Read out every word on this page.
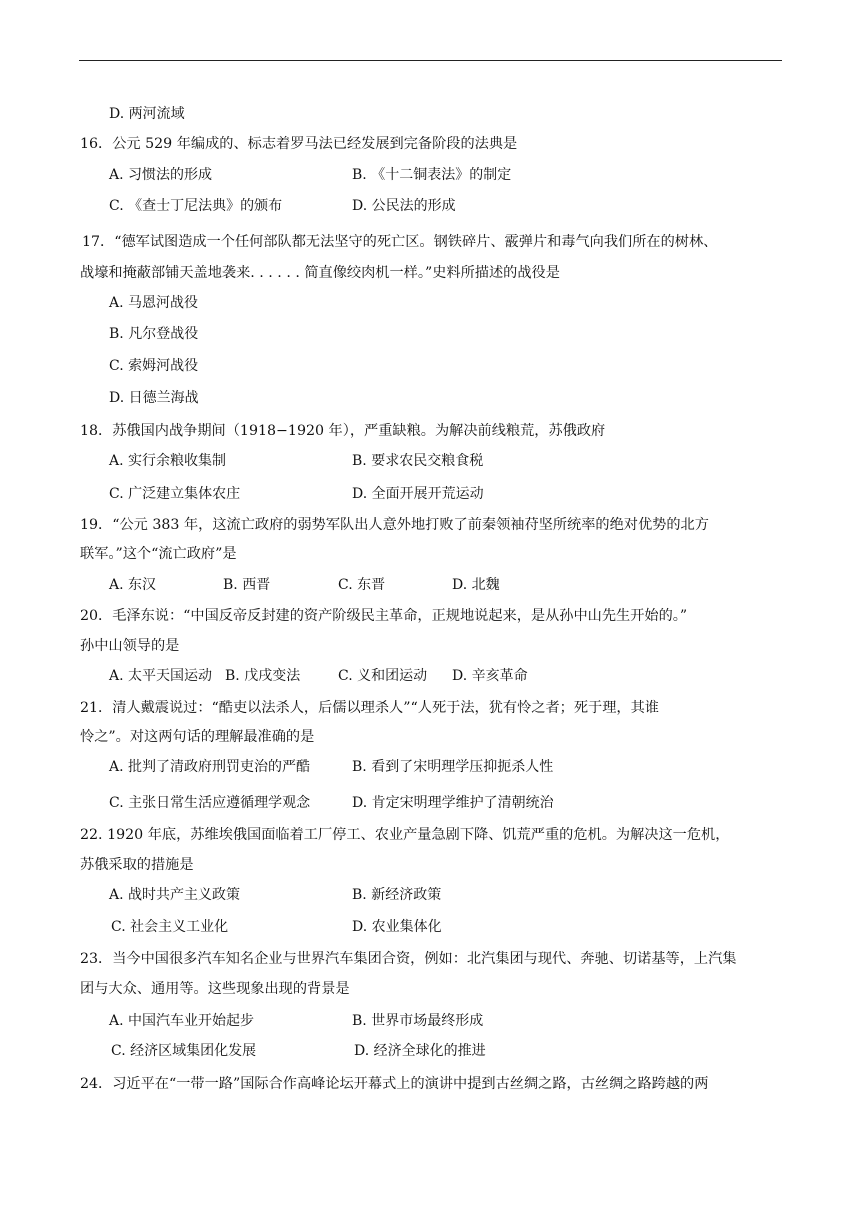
D. 两河流域
16．公元 529 年编成的、标志着罗马法已经发展到完备阶段的法典是
A. 习惯法的形成	B. 《十二铜表法》的制定
C. 《查士丁尼法典》的颁布	D. 公民法的形成
17．“德军试图造成一个任何部队都无法坚守的死亡区。钢铁碎片、霰弹片和毒气向我们所在的树林、
战壕和掩蔽部铺天盖地袭来. . . . . . 简直像绞肉机一样。”史料所描述的战役是
A. 马恩河战役
B. 凡尔登战役
C. 索姆河战役
D. 日德兰海战
18．苏俄国内战争期间（1918−1920 年），严重缺粮。为解决前线粮荒，苏俄政府
A. 实行余粮收集制	B. 要求农民交粮食税
C. 广泛建立集体农庄	D. 全面开展开荒运动
19．“公元 383 年，这流亡政府的弱势军队出人意外地打败了前秦领袖苻坚所统率的绝对优势的北方
联军。”这个“流亡政府”是
A. 东汉	B. 西晋	C. 东晋	D. 北魏
20．毛泽东说：“中国反帝反封建的资产阶级民主革命，正规地说起来，是从孙中山先生开始的。”
孙中山领导的是
A. 太平天国运动 B. 戊戌变法	C. 义和团运动 D. 辛亥革命
21．清人戴震说过：“酷吏以法杀人，后儒以理杀人”“人死于法，犹有怜之者；死于理，其谁
怜之”。对这两句话的理解最准确的是
A. 批判了清政府刑罚吏治的严酷	B. 看到了宋明理学压抑扼杀人性
C. 主张日常生活应遵循理学观念	D. 肯定宋明理学维护了清朝统治
22. 1920 年底，苏维埃俄国面临着工厂停工、农业产量急剧下降、饥荒严重的危机。为解决这一危机，
苏俄采取的措施是
A. 战时共产主义政策	B. 新经济政策
C. 社会主义工业化	D. 农业集体化
23．当今中国很多汽车知名企业与世界汽车集团合资，例如：北汽集团与现代、奔驰、切诺基等，上汽集
团与大众、通用等。这些现象出现的背景是
A. 中国汽车业开始起步	B. 世界市场最终形成
C. 经济区域集团化发展	D. 经济全球化的推进
24．习近平在“一带一路”国际合作高峰论坛开幕式上的演讲中提到古丝绸之路，古丝绸之路跨越的两
